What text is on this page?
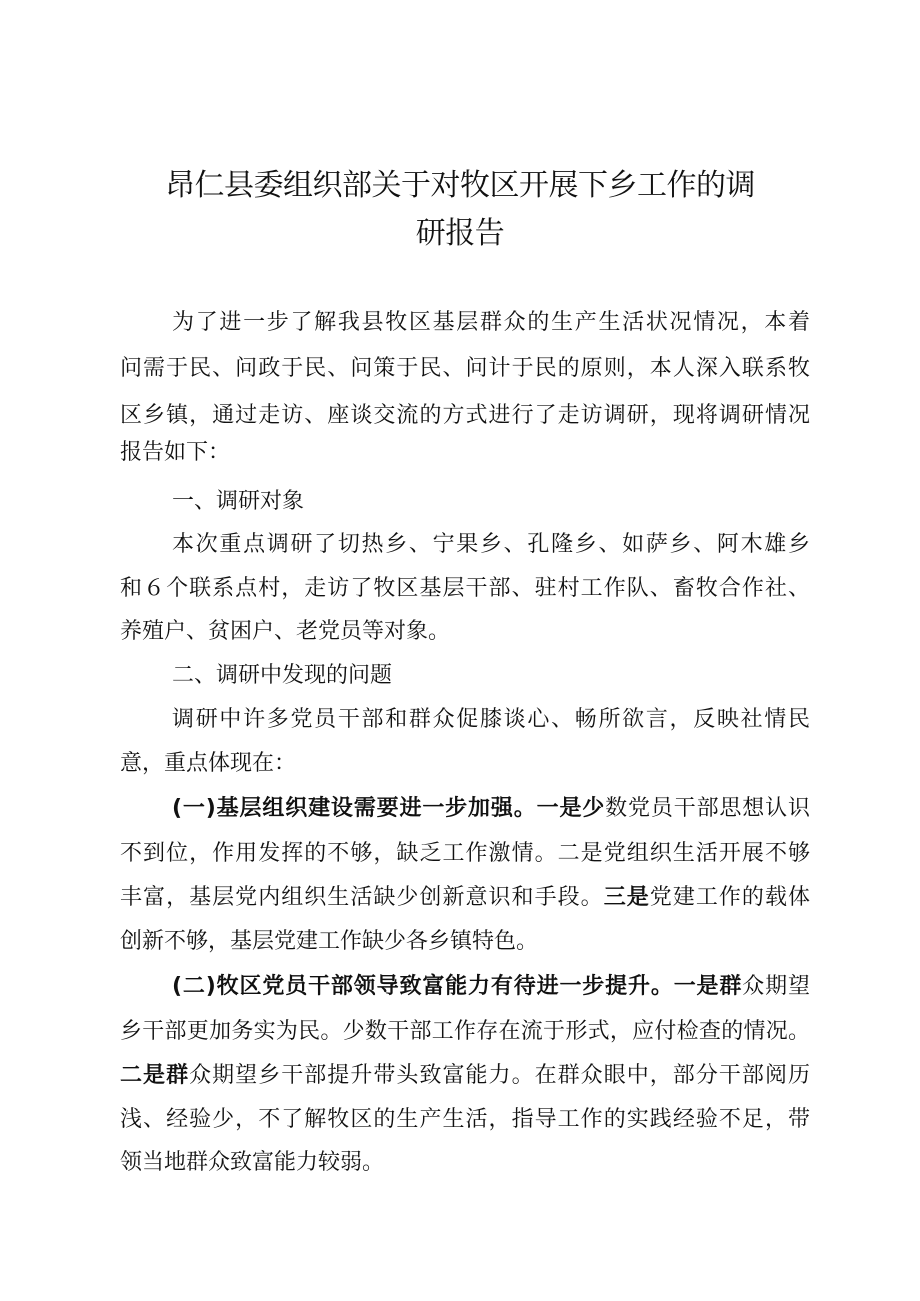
昂仁县委组织部关于对牧区开展下乡工作的调
研报告
为了进一步了解我县牧区基层群众的生产生活状况情况，本着
问需于民、问政于民、问策于民、问计于民的原则，本人深入联系牧
区乡镇，通过走访、座谈交流的方式进行了走访调研，现将调研情况
报告如下：
一、调研对象
本次重点调研了切热乡、宁果乡、孔隆乡、如萨乡、阿木雄乡
和６个联系点村，走访了牧区基层干部、驻村工作队、畜牧合作社、
养殖户、贫困户、老党员等对象。
二、调研中发现的问题
调研中许多党员干部和群众促膝谈心、畅所欲言，反映社情民
意，重点体现在：
(一)基层组织建设需要进一步加强。一是少数党员干部思想认识
不到位，作用发挥的不够，缺乏工作激情。二是党组织生活开展不够
丰富，基层党内组织生活缺少创新意识和手段。三是党建工作的载体
创新不够，基层党建工作缺少各乡镇特色。
(二)牧区党员干部领导致富能力有待进一步提升。一是群众期望
乡干部更加务实为民。少数干部工作存在流于形式，应付检查的情况。
二是群众期望乡干部提升带头致富能力。在群众眼中，部分干部阅历
浅、经验少，不了解牧区的生产生活，指导工作的实践经验不足，带
领当地群众致富能力较弱。
